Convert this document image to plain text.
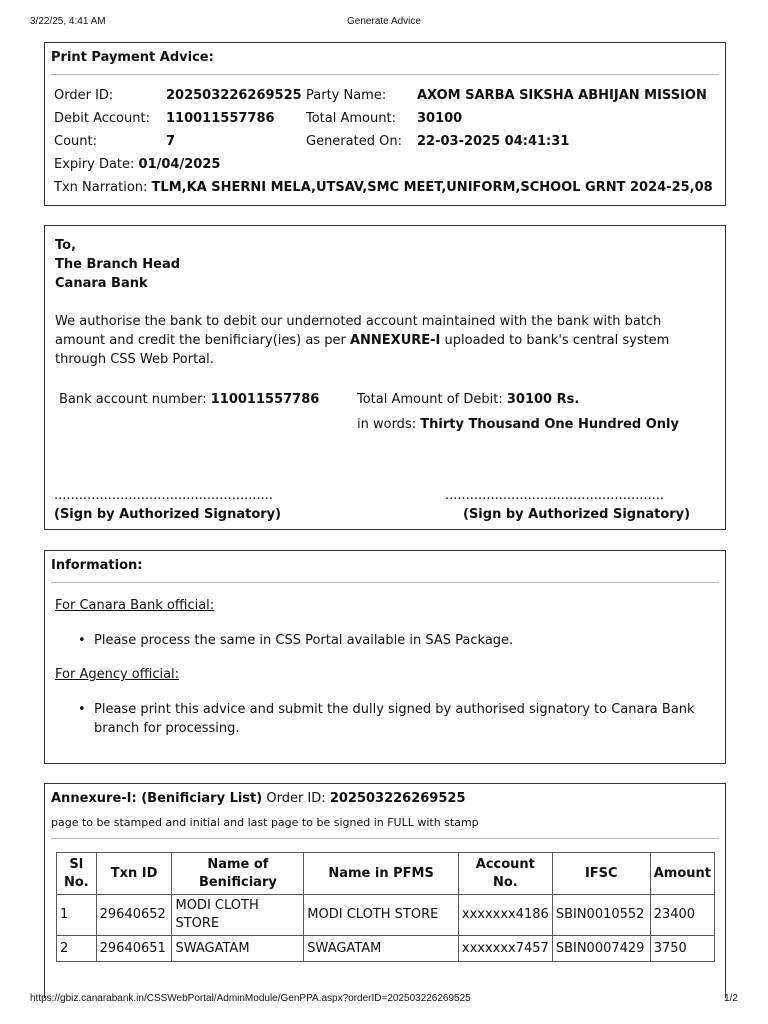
3/22/25, 4:41 AM	Generate Advice
Print Payment Advice:
Order ID:	202503226269525 Party Name: AXOM SARBA SIKSHA ABHIJAN MISSION
Debit Account: 110011557786 Total Amount: 30100
Count:	7	Generated On: 22-03-2025 04:41:31
Expiry Date: 01/04/2025
Txn Narration: TLM,KA SHERNI MELA,UTSAV,SMC MEET,UNIFORM,SCHOOL GRNT 2024-25,08
To,
The Branch Head
Canara Bank
We authorise the bank to debit our undernoted account maintained with the bank with batch amount and credit the benificiary(ies) as per ANNEXURE-I uploaded to bank's central system through CSS Web Portal.
Bank account number: 110011557786	Total Amount of Debit: 30100 Rs.
in words: Thirty Thousand One Hundred Only
.....................................................
(Sign by Authorized Signatory)
.....................................................
(Sign by Authorized Signatory)
Information:
For Canara Bank official:
• Please process the same in CSS Portal available in SAS Package.
For Agency official:
• Please print this advice and submit the dully signed by authorised signatory to Canara Bank branch for processing.
Annexure-I: (Benificiary List) Order ID: 202503226269525
page to be stamped and initial and last page to be signed in FULL with stamp
Sl No.	Txn ID	Name of Benificiary	Name in PFMS	Account No.	IFSC	Amount
1	29640652	MODI CLOTH STORE	MODI CLOTH STORE	xxxxxxx4186	SBIN0010552	23400
2	29640651	SWAGATAM	SWAGATAM	xxxxxxx7457	SBIN0007429	3750
https://gbiz.canarabank.in/CSSWebPortal/AdminModule/GenPPA.aspx?orderID=202503226269525	1/2
